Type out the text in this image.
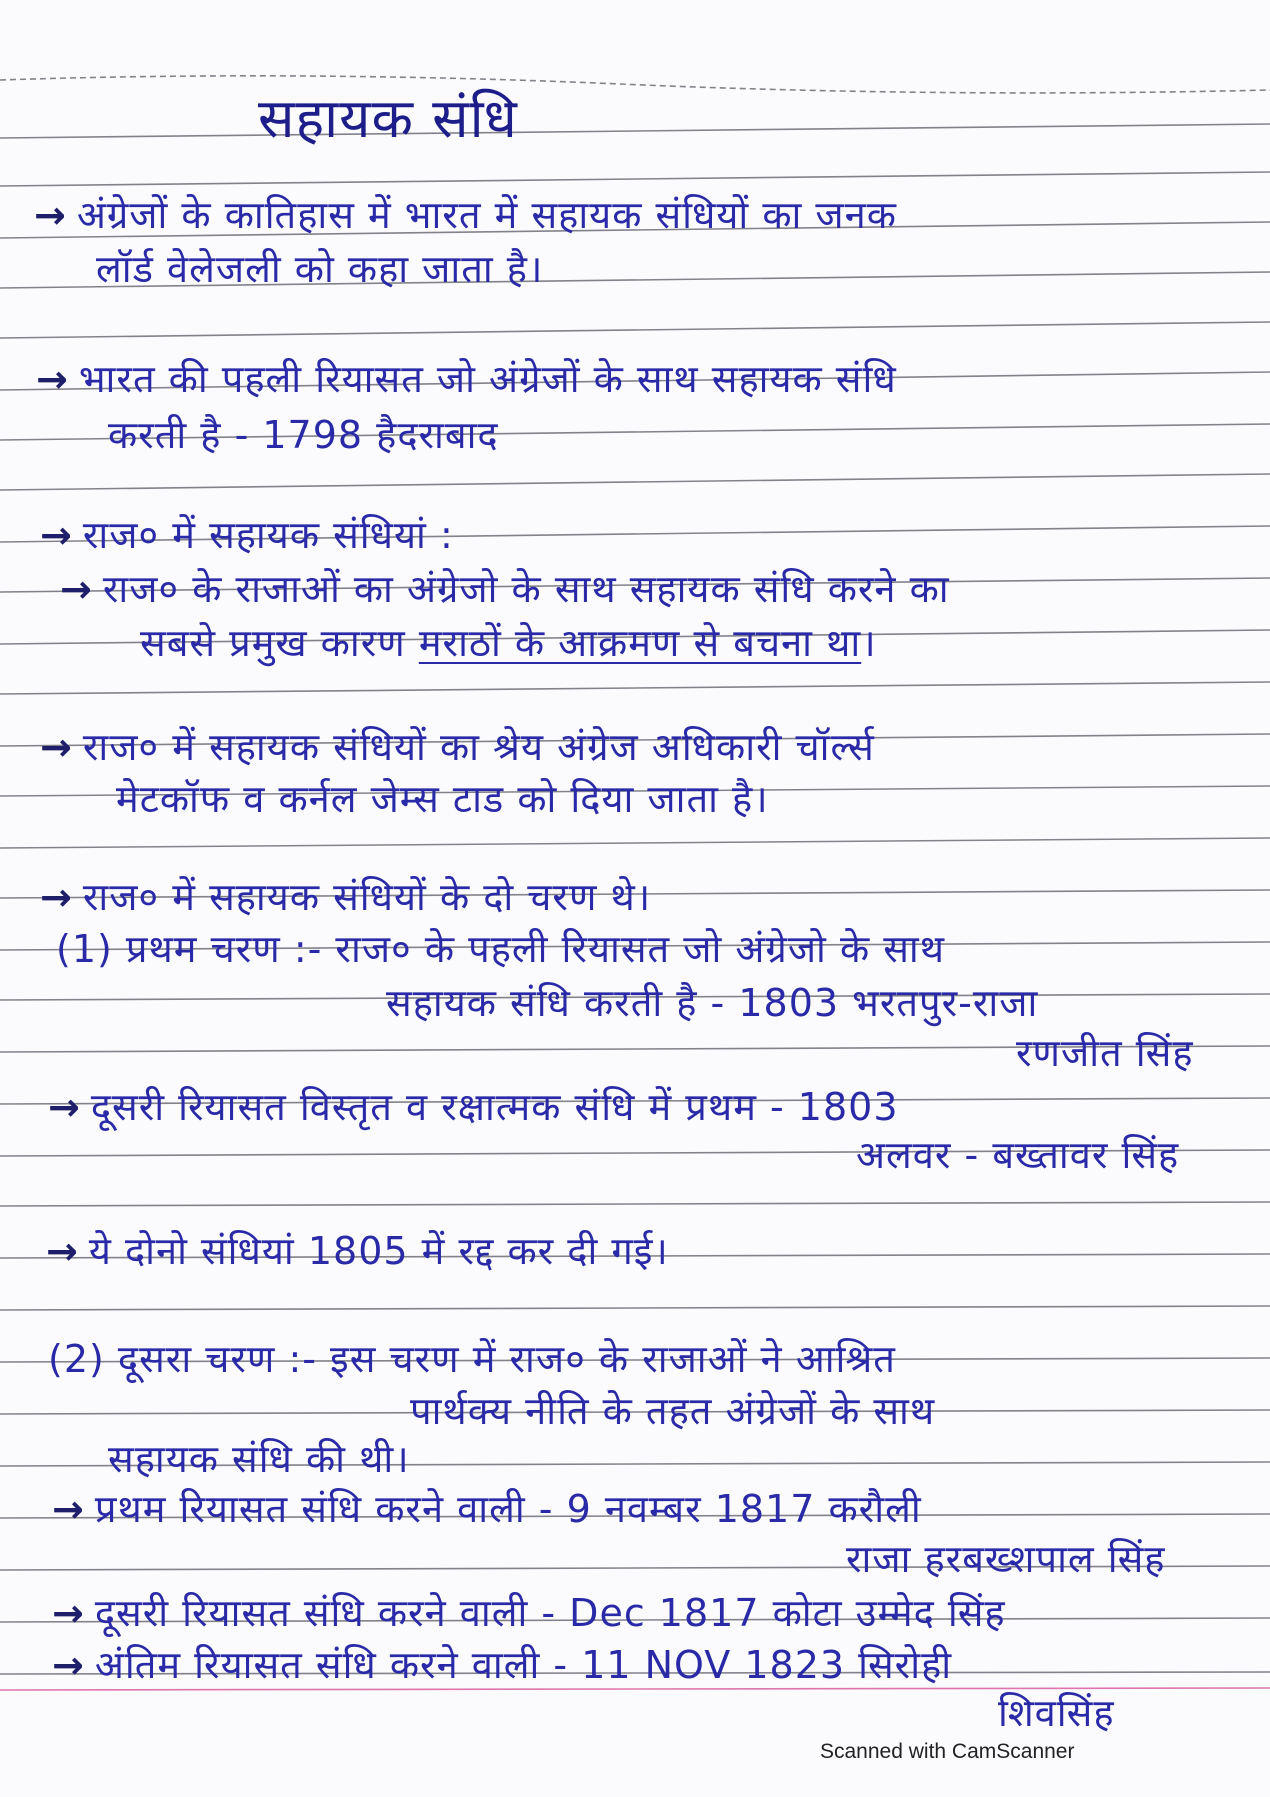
सहायक संधि
→ अंग्रेजों के कातिहास में भारत में सहायक संधियों का जनक
लॉर्ड वेलेजली को कहा जाता है।
→ भारत की पहली रियासत जो अंग्रेजों के साथ सहायक संधि
करती है - 1798 हैदराबाद
→ राज० में सहायक संधियां :
→ राज० के राजाओं का अंग्रेजो के साथ सहायक संधि करने का
सबसे प्रमुख कारण मराठों के आक्रमण से बचना था।
→ राज० में सहायक संधियों का श्रेय अंग्रेज अधिकारी चॉर्ल्स
मेटकॉफ व कर्नल जेम्स टाड को दिया जाता है।
→ राज० में सहायक संधियों के दो चरण थे।
(1) प्रथम चरण :- राज० के पहली रियासत जो अंग्रेजो के साथ
सहायक संधि करती है - 1803 भरतपुर-राजा
रणजीत सिंह
→ दूसरी रियासत विस्तृत व रक्षात्मक संधि में प्रथम - 1803
अलवर - बख्तावर सिंह
→ ये दोनो संधियां 1805 में रद्द कर दी गई।
(2) दूसरा चरण :- इस चरण में राज० के राजाओं ने आश्रित
पार्थक्य नीति के तहत अंग्रेजों के साथ
सहायक संधि की थी।
→ प्रथम रियासत संधि करने वाली - 9 नवम्बर 1817 करौली
राजा हरबख्शपाल सिंह
→ दूसरी रियासत संधि करने वाली - Dec 1817 कोटा उम्मेद सिंह
→ अंतिम रियासत संधि करने वाली - 11 NOV 1823 सिरोही
शिवसिंह
Scanned with CamScanner
